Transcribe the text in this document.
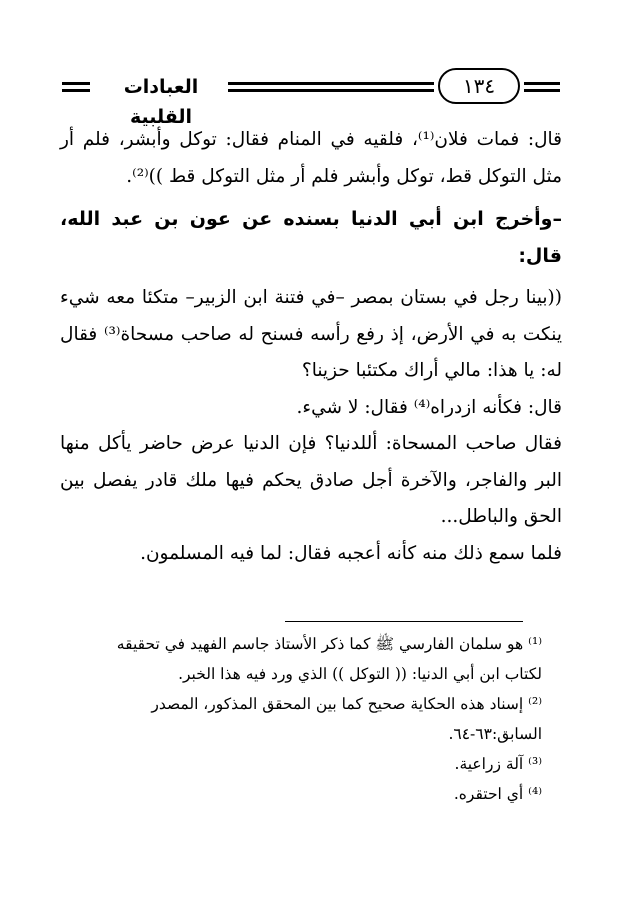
العبادات القلبية
١٣٤

قال: فمات فلان⁽¹⁾، فلقيه في المنام فقال: توكل وأبشر، فلم أر مثل التوكل قط، توكل وأبشر فلم أر مثل التوكل قط ))⁽²⁾.

–وأخرج ابن أبي الدنيا بسنده عن عون بن عبد الله، قال:

((بينا رجل في بستان بمصر –في فتنة ابن الزبير– متكئا معه شيء ينكت به في الأرض، إذ رفع رأسه فسنح له صاحب مسحاة⁽³⁾ فقال له: يا هذا: مالي أراك مكتئبا حزينا؟

قال: فكأنه ازدراه⁽⁴⁾ فقال: لا شيء.

فقال صاحب المسحاة: أللدنيا؟ فإن الدنيا عرض حاضر يأكل منها البر والفاجر، والآخرة أجل صادق يحكم فيها ملك قادر يفصل بين الحق والباطل...

فلما سمع ذلك منه كأنه أعجبه فقال: لما فيه المسلمون.

⁽¹⁾ هو سلمان الفارسي ﷺ كما ذكر الأستاذ جاسم الفهيد في تحقيقه

لكتاب ابن أبي الدنيا: (( التوكل )) الذي ورد فيه هذا الخبر.

⁽²⁾ إسناد هذه الحكاية صحيح كما بين المحقق المذكور، المصدر

السابق:٦٣-٦٤.

⁽³⁾ آلة زراعية.

⁽⁴⁾ أي احتقره.
